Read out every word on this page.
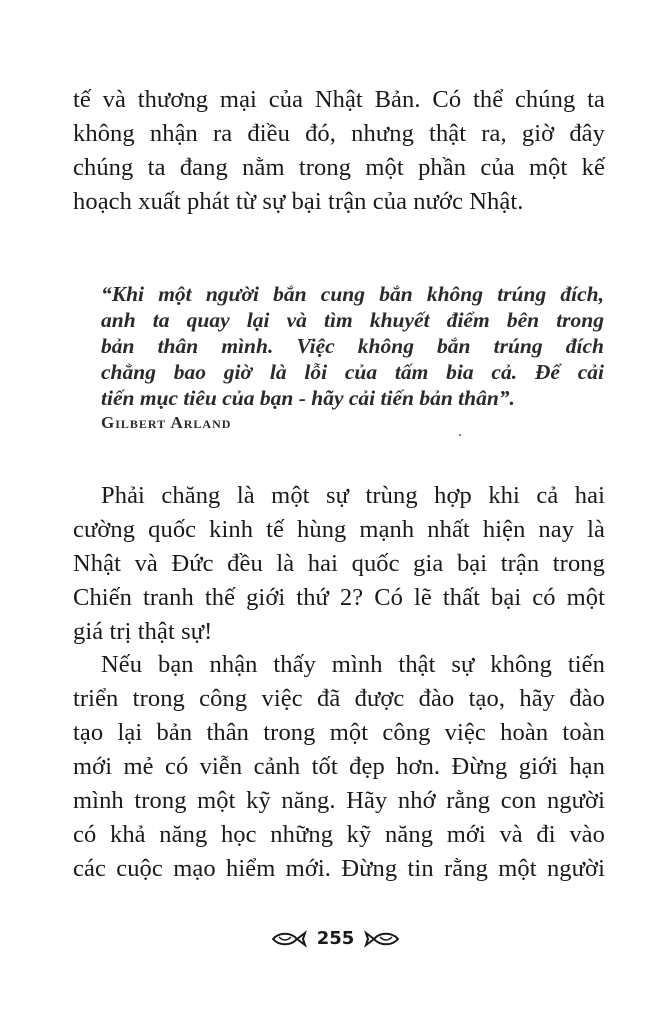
tế và thương mại của Nhật Bản. Có thể chúng ta
không nhận ra điều đó, nhưng thật ra, giờ đây
chúng ta đang nằm trong một phần của một kế
hoạch xuất phát từ sự bại trận của nước Nhật.

“Khi một người bắn cung bắn không trúng đích,
anh ta quay lại và tìm khuyết điểm bên trong
bản thân mình. Việc không bắn trúng đích
chẳng bao giờ là lỗi của tấm bia cả. Để cải
tiến mục tiêu của bạn - hãy cải tiến bản thân”.
Gilbert Arland

Phải chăng là một sự trùng hợp khi cả hai
cường quốc kinh tế hùng mạnh nhất hiện nay là
Nhật và Đức đều là hai quốc gia bại trận trong
Chiến tranh thế giới thứ 2? Có lẽ thất bại có một
giá trị thật sự!

Nếu bạn nhận thấy mình thật sự không tiến
triển trong công việc đã được đào tạo, hãy đào
tạo lại bản thân trong một công việc hoàn toàn
mới mẻ có viễn cảnh tốt đẹp hơn. Đừng giới hạn
mình trong một kỹ năng. Hãy nhớ rằng con người
có khả năng học những kỹ năng mới và đi vào
các cuộc mạo hiểm mới. Đừng tin rằng một người

255
